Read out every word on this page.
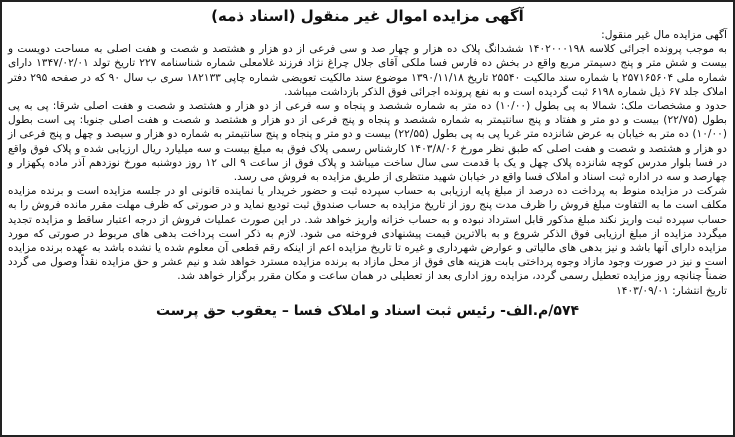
آگهی مزایده اموال غیر منقول (اسناد ذمه)

آگهی مزایده مال غیر منقول:

به موجب پرونده اجرائی کلاسه ۱۴۰۲۰۰۰۱۹۸ ششدانگ پلاک ده هزار و چهار صد و سی فرعی از دو هزار و هشتصد و شصت و هفت اصلی به مساحت دویست و بیست و شش متر و پنج دسیمتر مربع واقع در بخش ده فارس فسا ملکی آقای جلال چراغ نژاد فرزند غلامعلی شماره شناسنامه ۲۲۷ تاریخ تولد ۱۳۴۷/۰۲/۰۱ دارای شماره ملی ۲۵۷۱۶۵۶۰۴ با شماره سند مالکیت ۲۵۵۴۰ تاریخ ۱۳۹۰/۱۱/۱۸ موضوع سند مالکیت تعویضی شماره چاپی ۱۸۲۱۳۳ سری ب سال ۹۰ که در صفحه ۲۹۵ دفتر املاک جلد ۶۷ ذیل شماره ۶۱۹۸ ثبت گردیده است و به نفع پرونده اجرائی فوق الذکر بازداشت میباشد.

حدود و مشخصات ملک: شمالا به پی بطول (۱۰/۰۰) ده متر به شماره ششصد و پنجاه و سه فرعی از دو هزار و هشتصد و شصت و هفت اصلی شرقا: پی به پی بطول (۲۲/۷۵) بیست و دو متر و هفتاد و پنج سانتیمتر به شماره ششصد و پنجاه و پنج فرعی از دو هزار و هشتصد و شصت و هفت اصلی جنوبا: پی است بطول (۱۰/۰۰) ده متر به خیابان به عرض شانزده متر غربا پی به پی بطول (۲۲/۵۵) بیست و دو متر و پنجاه و پنج سانتیمتر به شماره دو هزار و سیصد و چهل و پنج فرعی از دو هزار و هشتصد و شصت و هفت اصلی که طبق نظر مورخ ۱۴۰۳/۸/۰۶ کارشناس رسمی پلاک فوق به مبلغ بیست و سه میلیارد ریال ارزیابی شده و پلاک فوق واقع در فسا بلوار مدرس کوچه شانزده پلاک چهل و یک با قدمت سی سال ساخت میباشد و پلاک فوق از ساعت ۹ الی ۱۲ روز دوشنبه مورخ نوزدهم آذر ماده پکهزار و چهارصد و سه در اداره ثبت اسناد و املاک فسا واقع در خیابان شهید منتظری از طریق مزایده به فروش می رسد.

شرکت در مزایده منوط به پرداخت ده درصد از مبلغ پایه ارزیابی به حساب سپرده ثبت و حضور خریدار یا نماینده قانونی او در جلسه مزایده است و برنده مزایده مکلف است ما به التفاوت مبلغ فروش را ظرف مدت پنج روز از تاریخ مزایده به حساب صندوق ثبت تودیع نماید و در صورتی که ظرف مهلت مقرر مانده فروش را به حساب سپرده ثبت واریز نکند مبلغ مذکور قابل استرداد نبوده و به حساب خزانه واریز خواهد شد. در این صورت عملیات فروش از درجه اعتبار ساقط و مزایده تجدید میگردد مزایده از مبلغ ارزیابی فوق الذکر شروع و به بالاترین قیمت پیشنهادی فروخته می شود. لازم به ذکر است پرداخت بدهی های مربوط در صورتی که مورد مزایده دارای آنها باشد و نیز بدهی های مالیاتی و عوارض شهرداری و غیره تا تاریخ مزایده اعم از اینکه رقم قطعی آن معلوم شده یا نشده باشد به عهده برنده مزایده است و نیز در صورت وجود مازاد وجوه پرداختی بابت هزینه های فوق از محل مازاد به برنده مزایده مسترد خواهد شد و نیم عشر و حق مزایده نقداً وصول می گردد ضمناً چنانچه روز مزایده تعطیل رسمی گردد، مزایده روز اداری بعد از تعطیلی در همان ساعت و مکان مقرر برگزار خواهد شد.

تاریخ انتشار: ۱۴۰۳/۰۹/۰۱

۵۷۴/م.الف- رئیس ثبت اسناد و املاک فسا – یعقوب حق پرست
